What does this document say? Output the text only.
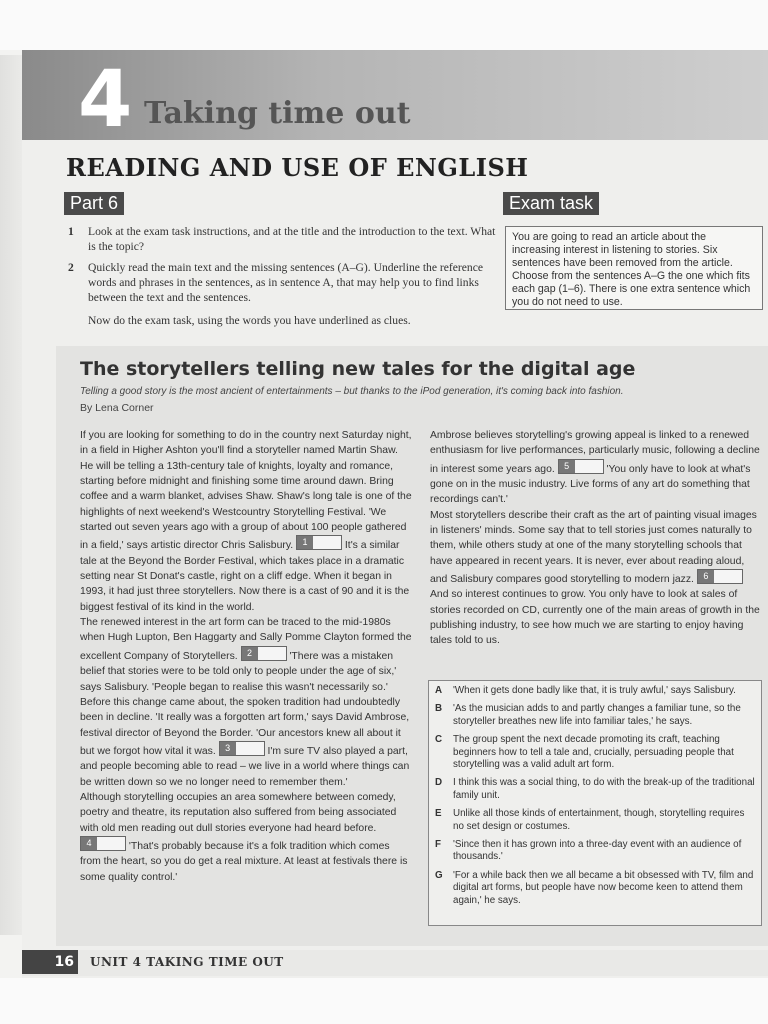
4 Taking time out
READING AND USE OF ENGLISH
Part 6	Exam task
1 Look at the exam task instructions, and at the title and the introduction to the text. What is the topic?
2 Quickly read the main text and the missing sentences (A–G). Underline the reference words and phrases in the sentences, as in sentence A, that may help you to find links between the text and the sentences.
Now do the exam task, using the words you have underlined as clues.
You are going to read an article about the increasing interest in listening to stories. Six sentences have been removed from the article. Choose from the sentences A–G the one which fits each gap (1–6). There is one extra sentence which you do not need to use.
The storytellers telling new tales for the digital age
Telling a good story is the most ancient of entertainments – but thanks to the iPod generation, it's coming back into fashion.
By Lena Corner

If you are looking for something to do in the country next Saturday night, in a field in Higher Ashton you'll find a storyteller named Martin Shaw. He will be telling a 13th-century tale of knights, loyalty and romance, starting before midnight and finishing some time around dawn. Bring coffee and a warm blanket, advises Shaw. Shaw's long tale is one of the highlights of next weekend's Westcountry Storytelling Festival. 'We started out seven years ago with a group of about 100 people gathered in a field,' says artistic director Chris Salisbury.	1	It's a similar tale at the Beyond the Border Festival, which takes place in a dramatic setting near St Donat's castle, right on a cliff edge. When it began in 1993, it had just three storytellers. Now there is a cast of 90 and it is the biggest festival of its kind in the world.

The renewed interest in the art form can be traced to the mid-1980s when Hugh Lupton, Ben Haggarty and Sally Pomme Clayton formed the excellent Company of Storytellers.	2	'There was a mistaken belief that stories were to be told only to people under the age of six,' says Salisbury. 'People began to realise this wasn't necessarily so.'

Before this change came about, the spoken tradition had undoubtedly been in decline. 'It really was a forgotten art form,' says David Ambrose, festival director of Beyond the Border. 'Our ancestors knew all about it but we forgot how vital it was.	3	I'm sure TV also played a part, and people becoming able to read – we live in a world where things can be written down so we no longer need to remember them.'

Although storytelling occupies an area somewhere between comedy, poetry and theatre, its reputation also suffered from being associated with old men reading out dull stories everyone had heard before.
4	'That's probably because it's a folk tradition which comes from the heart, so you do get a real mixture. At least at festivals there is some quality control.'

Ambrose believes storytelling's growing appeal is linked to a renewed enthusiasm for live performances, particularly music, following a decline in interest some years ago.	5	'You only have to look at what's gone on in the music industry. Live forms of any art do something that recordings can't.'

Most storytellers describe their craft as the art of painting visual images in listeners' minds. Some say that to tell stories just comes naturally to them, while others study at one of the many storytelling schools that have appeared in recent years. It is never, ever about reading aloud, and Salisbury compares good storytelling to modern jazz.	6

And so interest continues to grow. You only have to look at sales of stories recorded on CD, currently one of the main areas of growth in the publishing industry, to see how much we are starting to enjoy having tales told to us.

A 'When it gets done badly like that, it is truly awful,' says Salisbury.
B 'As the musician adds to and partly changes a familiar tune, so the storyteller breathes new life into familiar tales,' he says.
C The group spent the next decade promoting its craft, teaching beginners how to tell a tale and, crucially, persuading people that storytelling was a valid adult art form.
D I think this was a social thing, to do with the break-up of the traditional family unit.
E Unlike all those kinds of entertainment, though, storytelling requires no set design or costumes.
F 'Since then it has grown into a three-day event with an audience of thousands.'
G 'For a while back then we all became a bit obsessed with TV, film and digital art forms, but people have now become keen to attend them again,' he says.
16	UNIT 4 TAKING TIME OUT
